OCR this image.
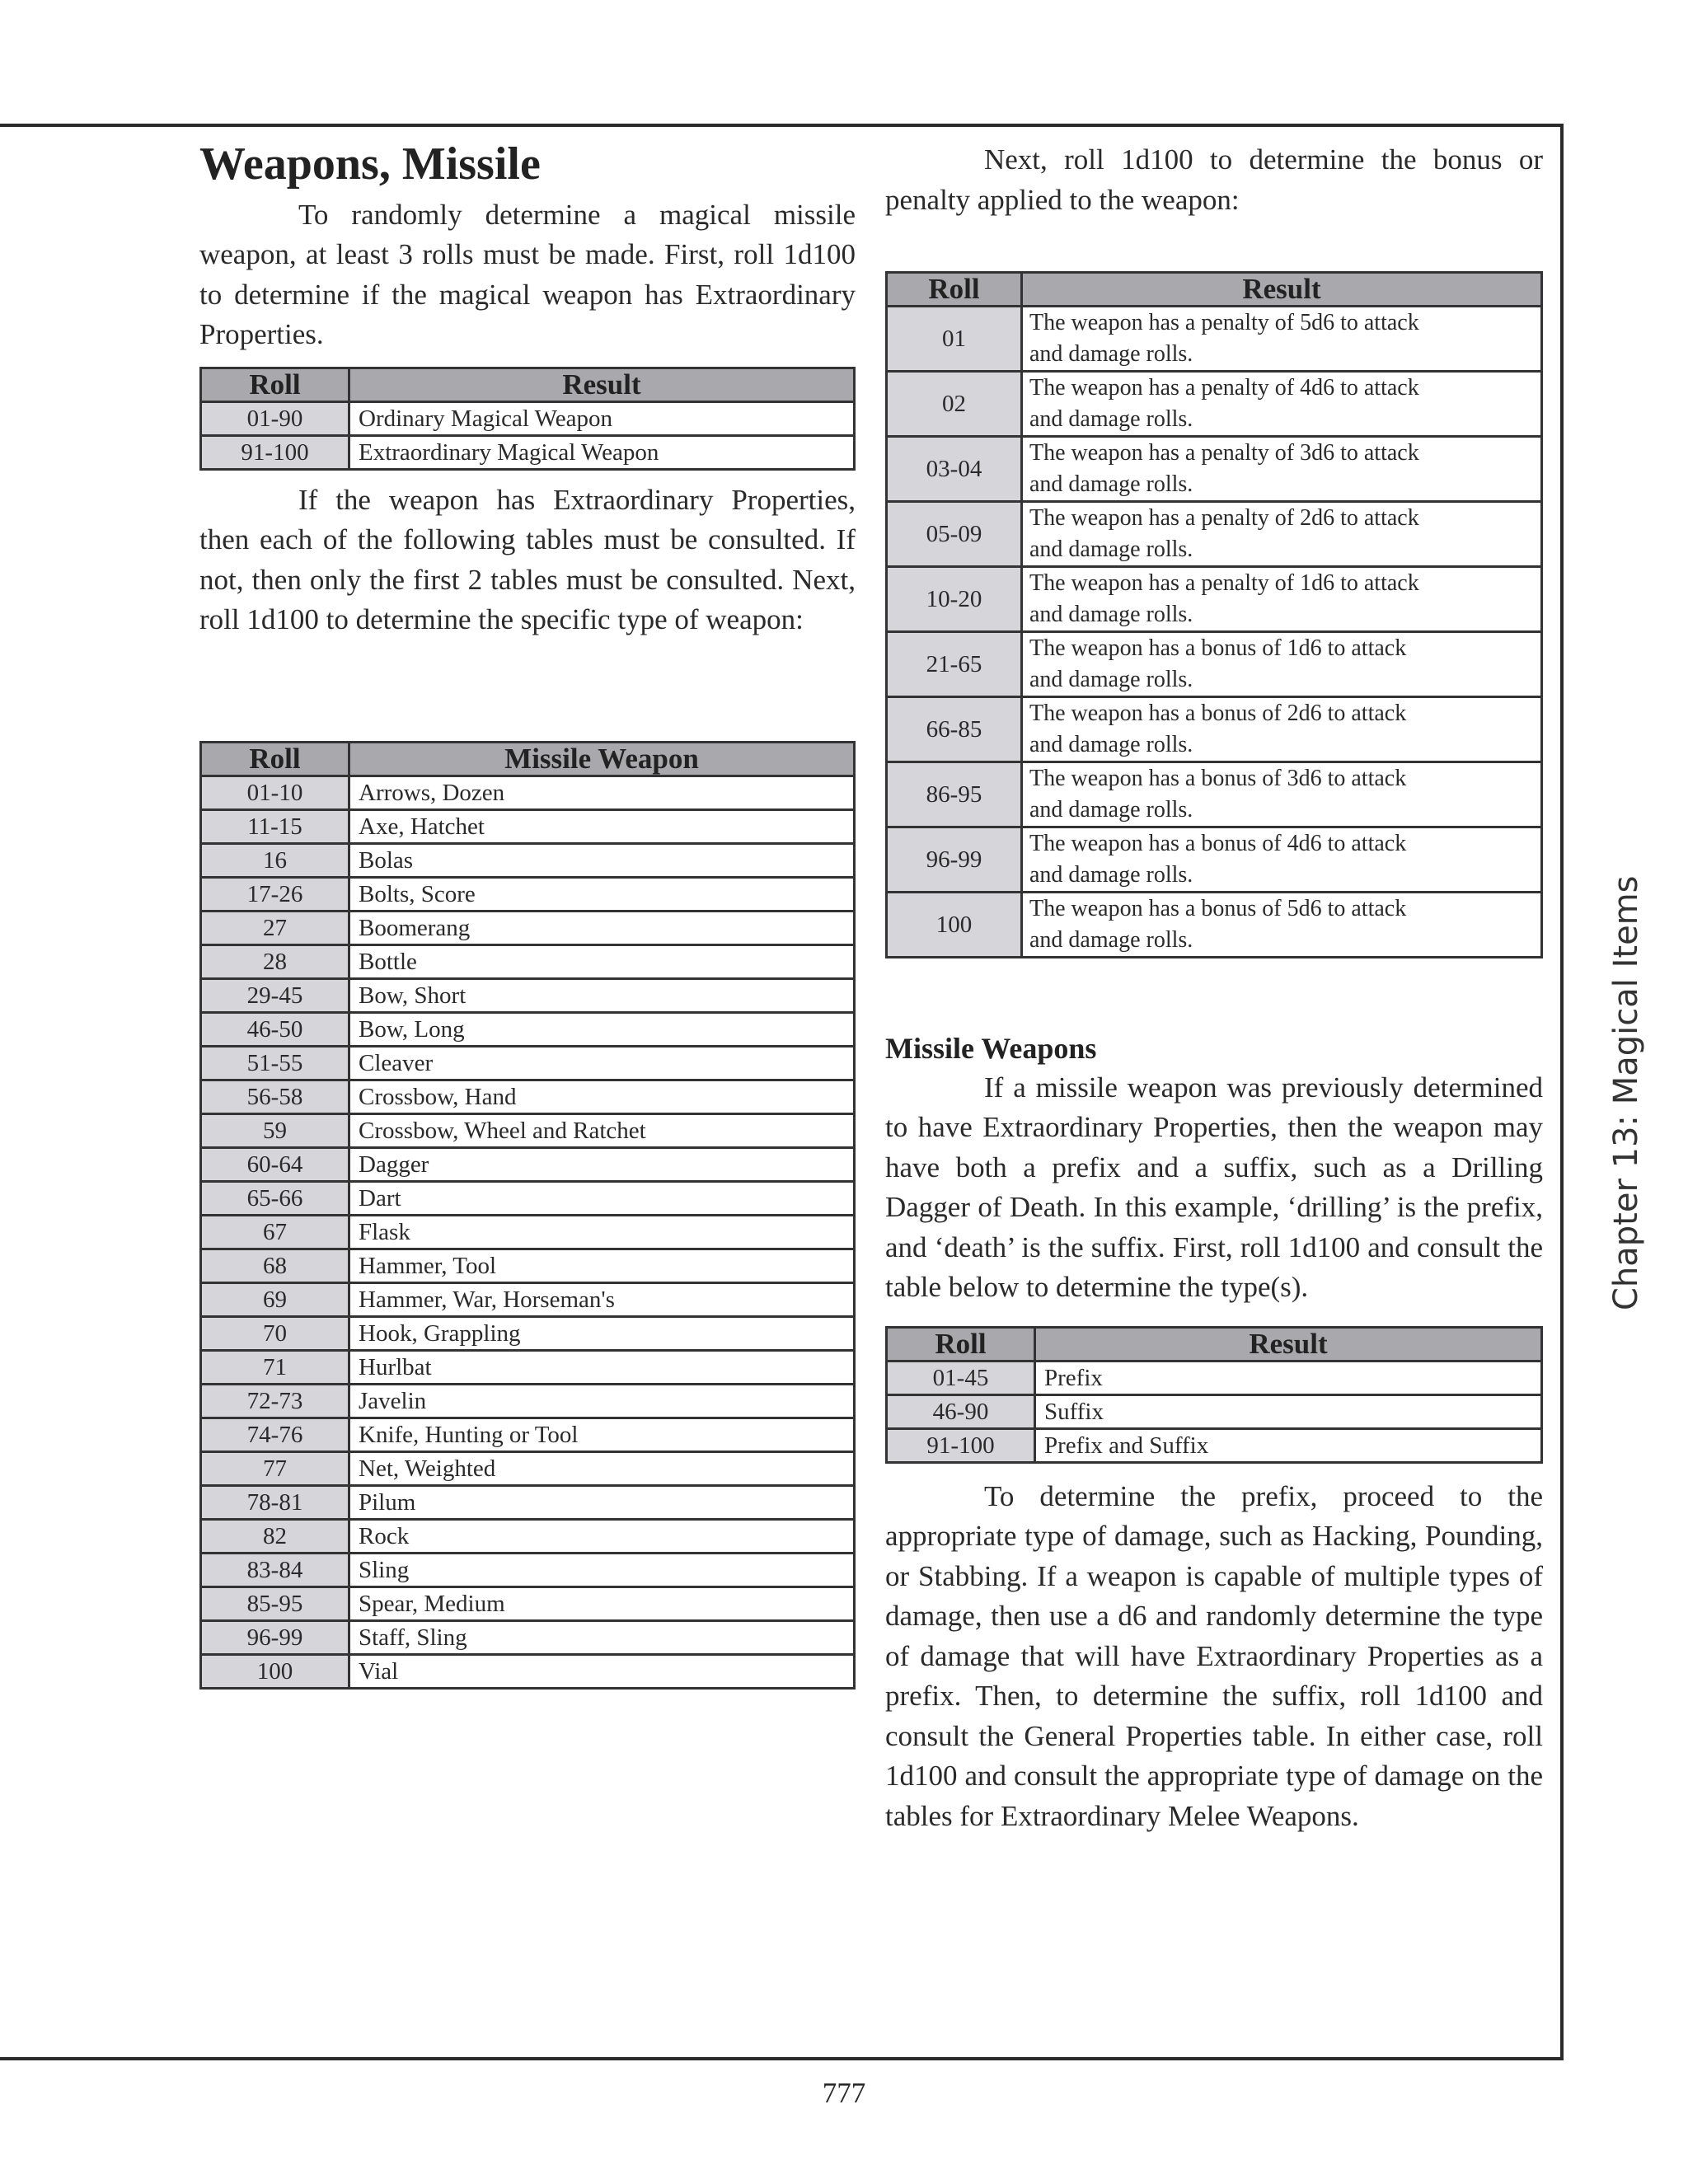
Weapons, Missile

To randomly determine a magical missile weapon, at least 3 rolls must be made. First, roll 1d100 to determine if the magical weapon has Extraordinary Properties.

Roll	Result
01-90	Ordinary Magical Weapon
91-100	Extraordinary Magical Weapon

If the weapon has Extraordinary Properties, then each of the following tables must be consulted. If not, then only the first 2 tables must be consulted. Next, roll 1d100 to determine the specific type of weapon:

Roll	Missile Weapon
01-10	Arrows, Dozen
11-15	Axe, Hatchet
16	Bolas
17-26	Bolts, Score
27	Boomerang
28	Bottle
29-45	Bow, Short
46-50	Bow, Long
51-55	Cleaver
56-58	Crossbow, Hand
59	Crossbow, Wheel and Ratchet
60-64	Dagger
65-66	Dart
67	Flask
68	Hammer, Tool
69	Hammer, War, Horseman's
70	Hook, Grappling
71	Hurlbat
72-73	Javelin
74-76	Knife, Hunting or Tool
77	Net, Weighted
78-81	Pilum
82	Rock
83-84	Sling
85-95	Spear, Medium
96-99	Staff, Sling
100	Vial

Next, roll 1d100 to determine the bonus or penalty applied to the weapon:

Roll	Result
01	The weapon has a penalty of 5d6 to attack
and damage rolls.

02	The weapon has a penalty of 4d6 to attack
and damage rolls.

03-04	The weapon has a penalty of 3d6 to attack
and damage rolls.

05-09	The weapon has a penalty of 2d6 to attack
and damage rolls.

10-20	The weapon has a penalty of 1d6 to attack
and damage rolls.

21-65	The weapon has a bonus of 1d6 to attack
and damage rolls.

66-85	The weapon has a bonus of 2d6 to attack
and damage rolls.

86-95	The weapon has a bonus of 3d6 to attack
and damage rolls.

96-99	The weapon has a bonus of 4d6 to attack
and damage rolls.

100	The weapon has a bonus of 5d6 to attack
and damage rolls.
Missile Weapons

If a missile weapon was previously determined to have Extraordinary Properties, then the weapon may have both a prefix and a suffix, such as a Drilling Dagger of Death. In this example, ‘drilling’ is the prefix, and ‘death’ is the suffix. First, roll 1d100 and consult the table below to determine the type(s).

Roll	Result
01-45	Prefix
46-90	Suffix
91-100	Prefix and Suffix

To determine the prefix, proceed to the appropriate type of damage, such as Hacking, Pounding, or Stabbing. If a weapon is capable of multiple types of damage, then use a d6 and randomly determine the type of damage that will have Extraordinary Properties as a prefix. Then, to determine the suffix, roll 1d100 and consult the General Properties table. In either case, roll 1d100 and consult the appropriate type of damage on the tables for Extraordinary Melee Weapons.

Chapter 13: Magical Items
777
